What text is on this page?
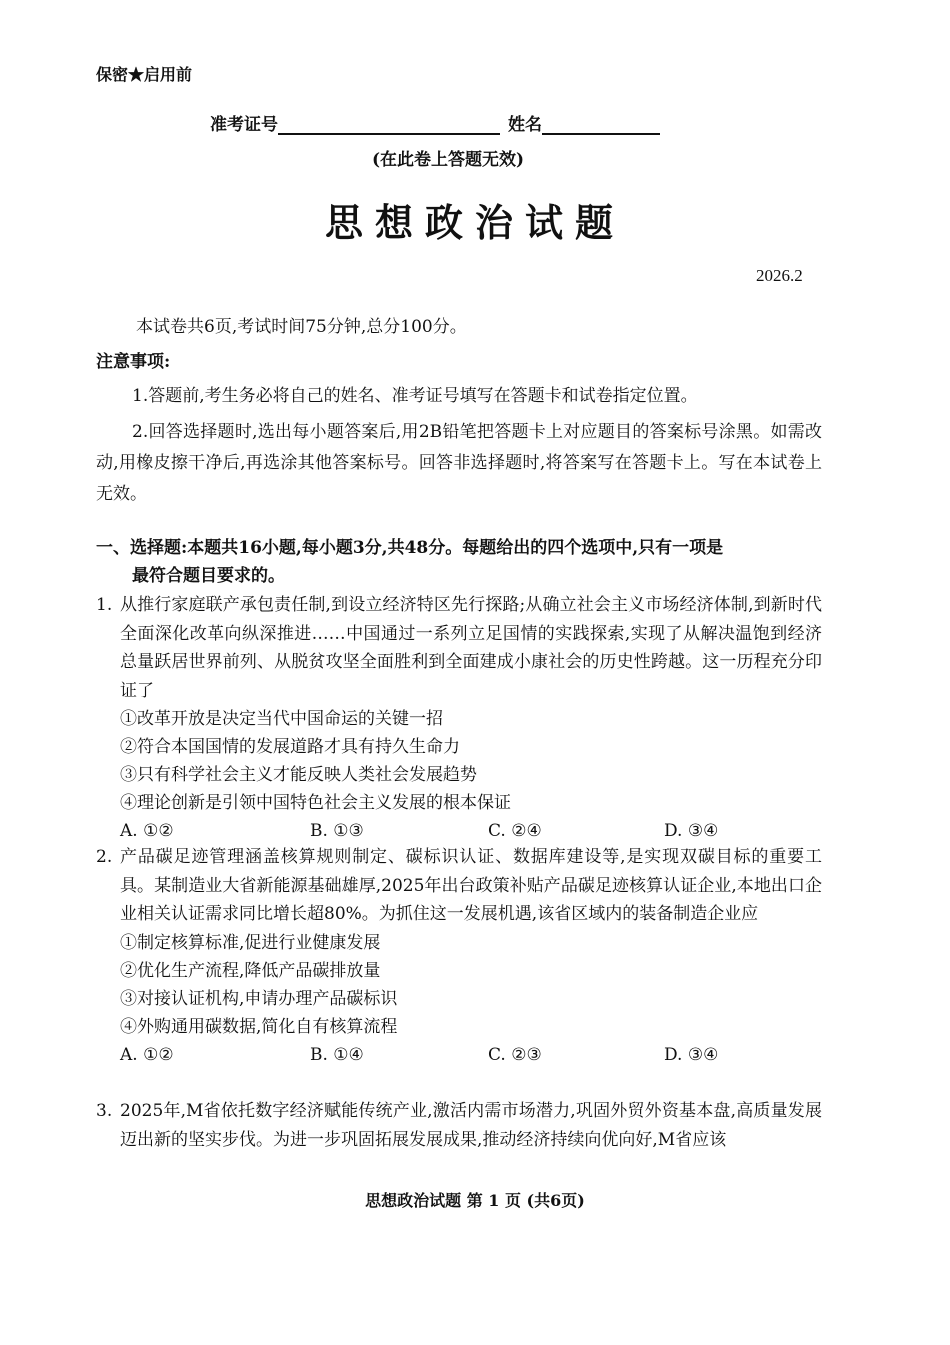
保密★启用前
准考证号	姓名
(在此卷上答题无效)
思想政治试题
2026.2
本试卷共6页,考试时间75分钟,总分100分。
注意事项:
1.答题前,考生务必将自己的姓名、准考证号填写在答题卡和试卷指定位置。
2.回答选择题时,选出每小题答案后,用2B铅笔把答题卡上对应题目的答案标号涂黑。如需改动,用橡皮擦干净后,再选涂其他答案标号。回答非选择题时,将答案写在答题卡上。写在本试卷上无效。
一、选择题:本题共16小题,每小题3分,共48分。每题给出的四个选项中,只有一项是
最符合题目要求的。
1. 从推行家庭联产承包责任制,到设立经济特区先行探路;从确立社会主义市场经济体制,到新时代全面深化改革向纵深推进……中国通过一系列立足国情的实践探索,实现了从解决温饱到经济总量跃居世界前列、从脱贫攻坚全面胜利到全面建成小康社会的历史性跨越。这一历程充分印证了
①改革开放是决定当代中国命运的关键一招
②符合本国国情的发展道路才具有持久生命力
③只有科学社会主义才能反映人类社会发展趋势
④理论创新是引领中国特色社会主义发展的根本保证
A. ①②	B. ①③	C. ②④	D. ③④
2. 产品碳足迹管理涵盖核算规则制定、碳标识认证、数据库建设等,是实现双碳目标的重要工具。某制造业大省新能源基础雄厚,2025年出台政策补贴产品碳足迹核算认证企业,本地出口企业相关认证需求同比增长超80%。为抓住这一发展机遇,该省区域内的装备制造企业应
①制定核算标准,促进行业健康发展
②优化生产流程,降低产品碳排放量
③对接认证机构,申请办理产品碳标识
④外购通用碳数据,简化自有核算流程
A. ①②	B. ①④	C. ②③	D. ③④
3. 2025年,M省依托数字经济赋能传统产业,激活内需市场潜力,巩固外贸外资基本盘,高质量发展迈出新的坚实步伐。为进一步巩固拓展发展成果,推动经济持续向优向好,M省应该
思想政治试题 第 1 页 (共6页)
